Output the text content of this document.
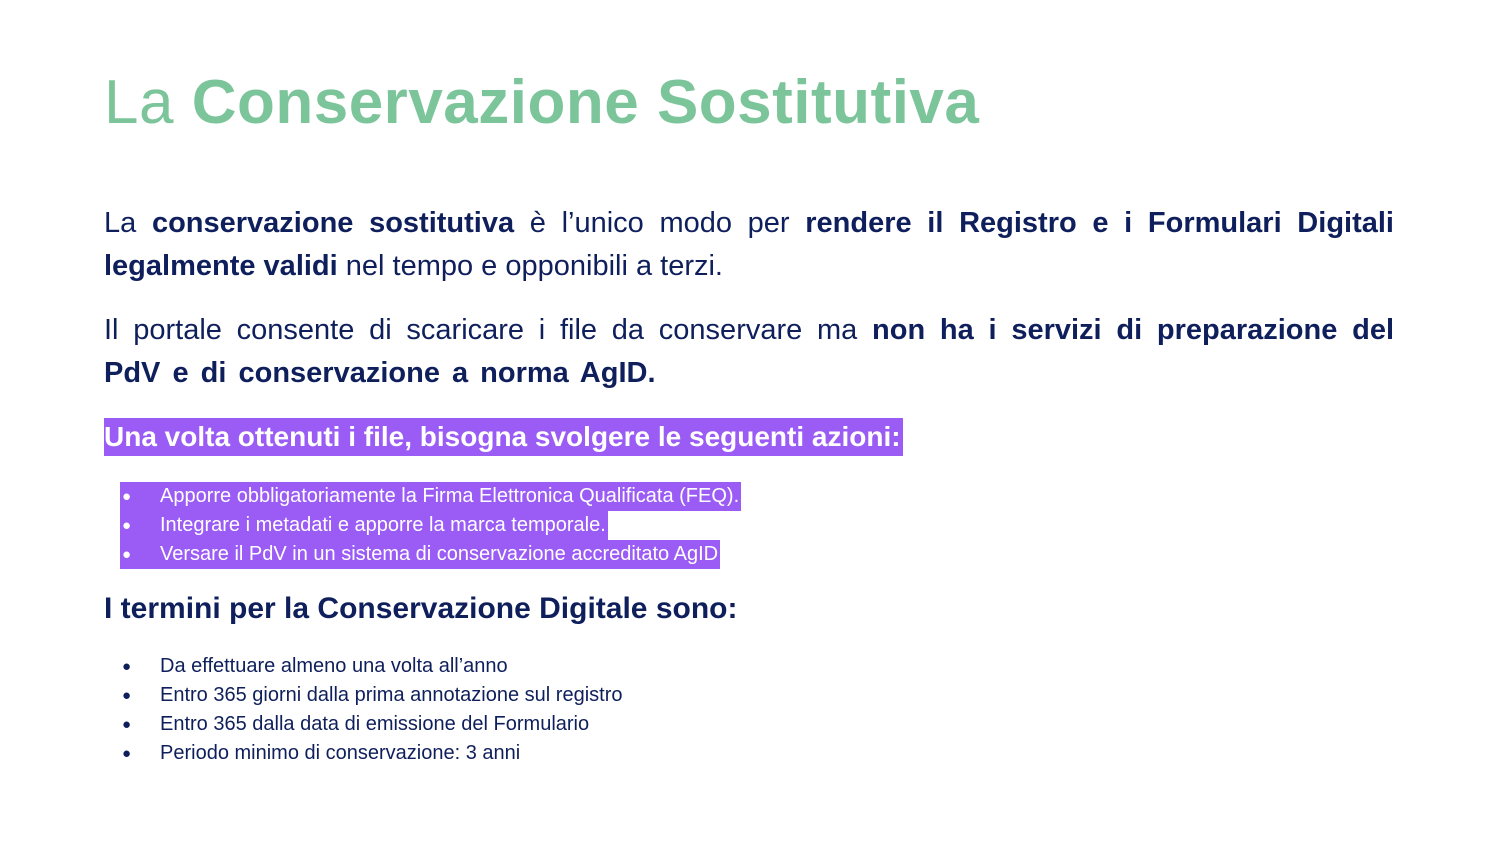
La Conservazione Sostitutiva

La conservazione sostitutiva è l’unico modo per rendere il Registro e i Formulari Digitali legalmente validi nel tempo e opponibili a terzi.

Il portale consente di scaricare i file da conservare ma non ha i servizi di preparazione del PdV e di conservazione a norma AgID.

Una volta ottenuti i file, bisogna svolgere le seguenti azioni:
● Apporre obbligatoriamente la Firma Elettronica Qualificata (FEQ).
● Integrare i metadati e apporre la marca temporale.
● Versare il PdV in un sistema di conservazione accreditato AgID
I termini per la Conservazione Digitale sono:
● Da effettuare almeno una volta all’anno
● Entro 365 giorni dalla prima annotazione sul registro
● Entro 365 dalla data di emissione del Formulario
● Periodo minimo di conservazione: 3 anni
